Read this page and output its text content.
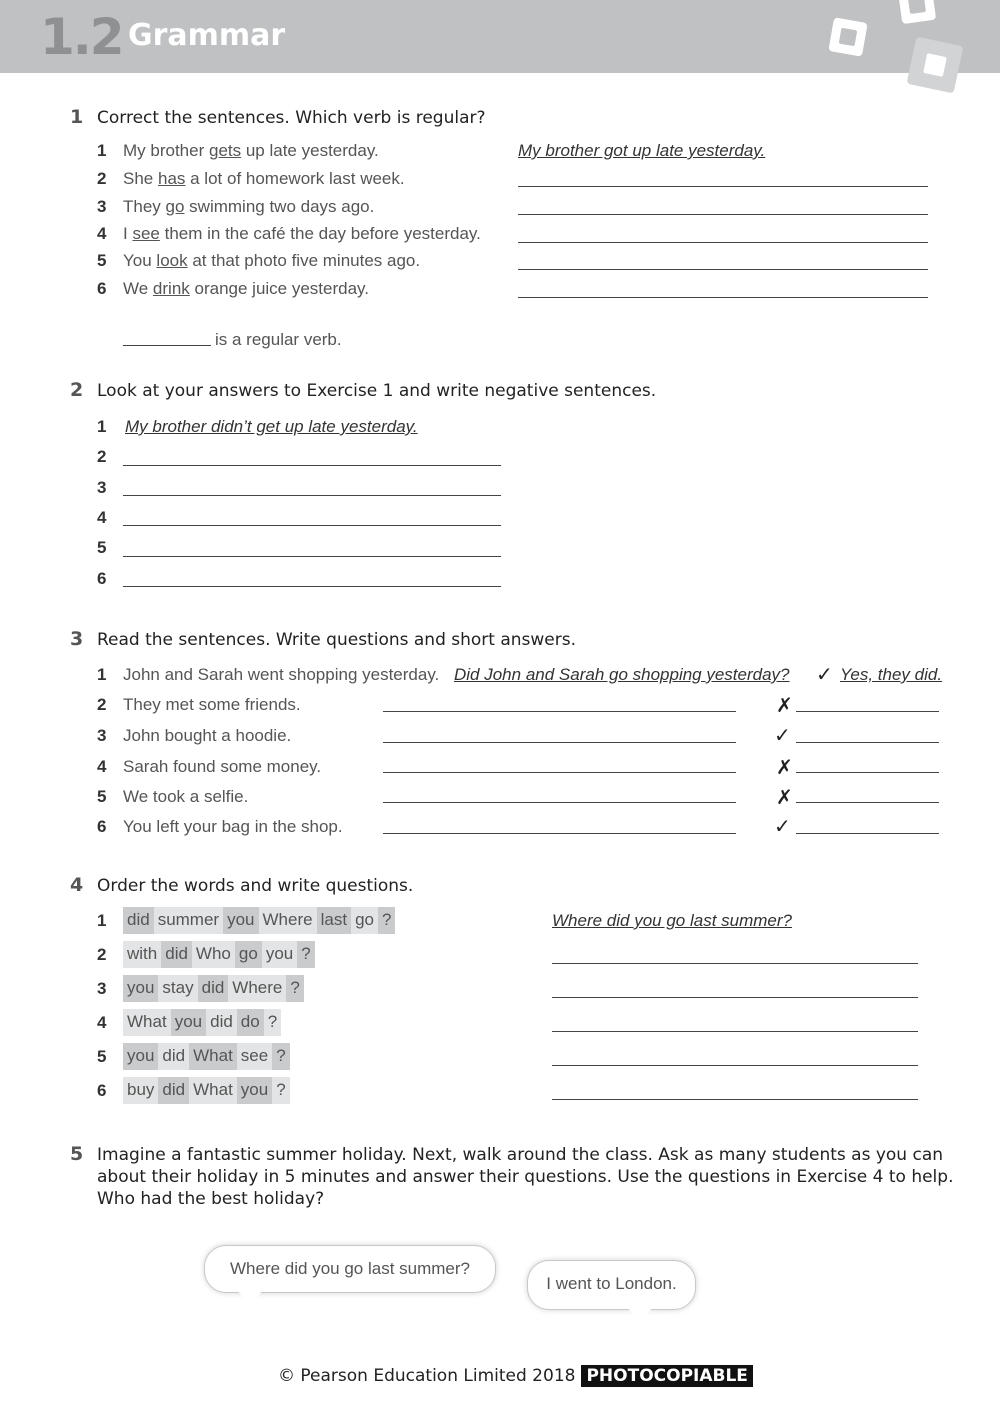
1.2 Grammar
1 Correct the sentences. Which verb is regular?
1 My brother gets up late yesterday.	My brother got up late yesterday.
2 She has a lot of homework last week.
3 They go swimming two days ago.
4 I see them in the café the day before yesterday.
5 You look at that photo five minutes ago.
6 We drink orange juice yesterday.
is a regular verb.
2 Look at your answers to Exercise 1 and write negative sentences.
1 My brother didn’t get up late yesterday.
2
3
4
5
6
3 Read the sentences. Write questions and short answers.
1 John and Sarah went shopping yesterday. Did John and Sarah go shopping yesterday? ✓ Yes, they did.
2 They met some friends.	✗
3 John bought a hoodie.	✓
4 Sarah found some money.	✗
5 We took a selfie.	✗
6 You left your bag in the shop.	✓
4 Order the words and write questions.
1 did summer you Where last go ?	Where did you go last summer?
2 with did Who go you ?
3 you stay did Where ?
4 What you did do ?
5 you did What see ?
6 buy did What you ?
5 Imagine a fantastic summer holiday. Next, walk around the class. Ask as many students as you can
about their holiday in 5 minutes and answer their questions. Use the questions in Exercise 4 to help.
Who had the best holiday?
Where did you go last summer?
I went to London.
© Pearson Education Limited 2018 PHOTOCOPIABLE
